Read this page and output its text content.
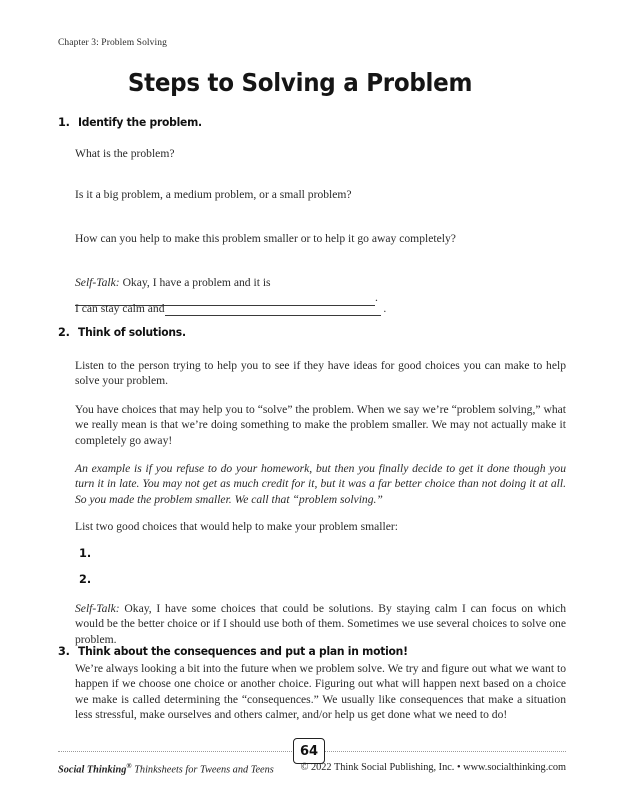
Chapter 3: Problem Solving
Steps to Solving a Problem
1. Identify the problem.
What is the problem?
Is it a big problem, a medium problem, or a small problem?
How can you help to make this problem smaller or to help it go away completely?
Self-Talk: Okay, I have a problem and it is .
I can stay calm and	.
2. Think of solutions.
Listen to the person trying to help you to see if they have ideas for good choices you can make to help solve your problem.
You have choices that may help you to “solve” the problem. When we say we’re “problem solving,” what we really mean is that we’re doing something to make the problem smaller. We may not actually make it completely go away!
An example is if you refuse to do your homework, but then you finally decide to get it done though you turn it in late. You may not get as much credit for it, but it was a far better choice than not doing it at all. So you made the problem smaller. We call that “problem solving.”
List two good choices that would help to make your problem smaller:
1.
2.
Self-Talk: Okay, I have some choices that could be solutions. By staying calm I can focus on which would be the better choice or if I should use both of them. Sometimes we use several choices to solve one problem.
3. Think about the consequences and put a plan in motion!
We’re always looking a bit into the future when we problem solve. We try and figure out what we want to happen if we choose one choice or another choice. Figuring out what will happen next based on a choice we make is called determining the “consequences.” We usually like consequences that make a situation less stressful, make ourselves and others calmer, and/or help us get done what we need to do!
64
Social Thinking® Thinksheets for Tweens and Teens	© 2022 Think Social Publishing, Inc. • www.socialthinking.com
